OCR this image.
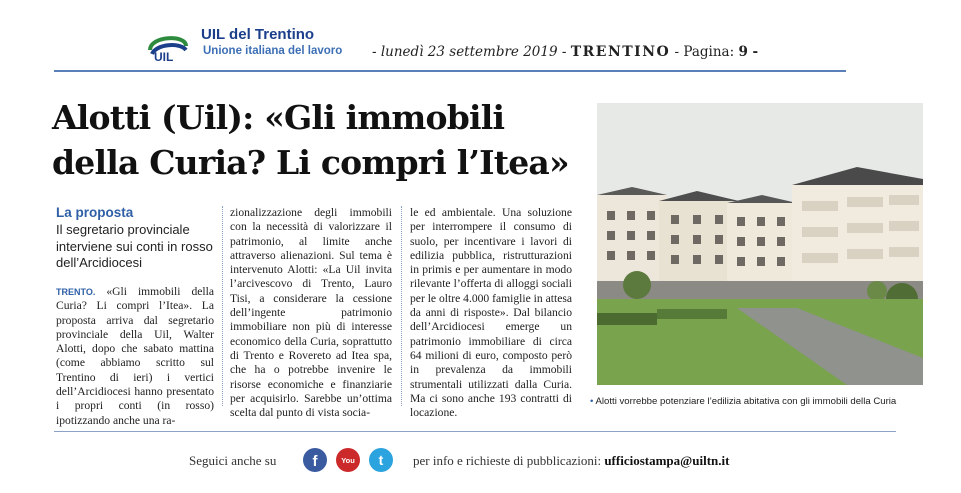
UIL
UIL del Trentino
Unione italiana del lavoro - lunedì 23 settembre 2019 - TRENTINO - Pagina: 9 -
Alotti (Uil): «Gli immobili
della Curia? Li compri l’Itea»
La proposta
Il segretario provinciale interviene sui conti in rosso dell’Arcidiocesi
TRENTO. «Gli immobili della Curia? Li compri l’Itea». La proposta arriva dal segretario provinciale della Uil, Walter Alotti, dopo che sabato mattina (come abbiamo scritto sul Trentino di ieri) i vertici dell’Arcidiocesi hanno presentato i propri conti (in rosso) ipotizzando anche una ra-
zionalizzazione degli immobili con la necessità di valorizzare il patrimonio, al limite anche attraverso alienazioni. Sul tema è intervenuto Alotti: «La Uil invita l’arcivescovo di Trento, Lauro Tisi, a considerare la cessione dell’ingente patrimonio immobiliare non più di interesse economico della Curia, soprattutto di Trento e Rovereto ad Itea spa, che ha o potrebbe invenire le risorse economiche e finanziarie per acquisirlo. Sarebbe un’ottima scelta dal punto di vista socia-
le ed ambientale. Una soluzione per interrompere il consumo di suolo, per incentivare i lavori di edilizia pubblica, ristrutturazioni in primis e per aumentare in modo rilevante l’offerta di alloggi sociali per le oltre 4.000 famiglie in attesa da anni di risposte». Dal bilancio dell’Arcidiocesi emerge un patrimonio immobiliare di circa 64 milioni di euro, composto però in prevalenza da immobili strumentali utilizzati dalla Curia. Ma ci sono anche 193 contratti di locazione.
• Alotti vorrebbe potenziare l’edilizia abitativa con gli immobili della Curia
Seguici anche su f	You t per info e richieste di pubblicazioni: ufficiostampa@uiltn.it
